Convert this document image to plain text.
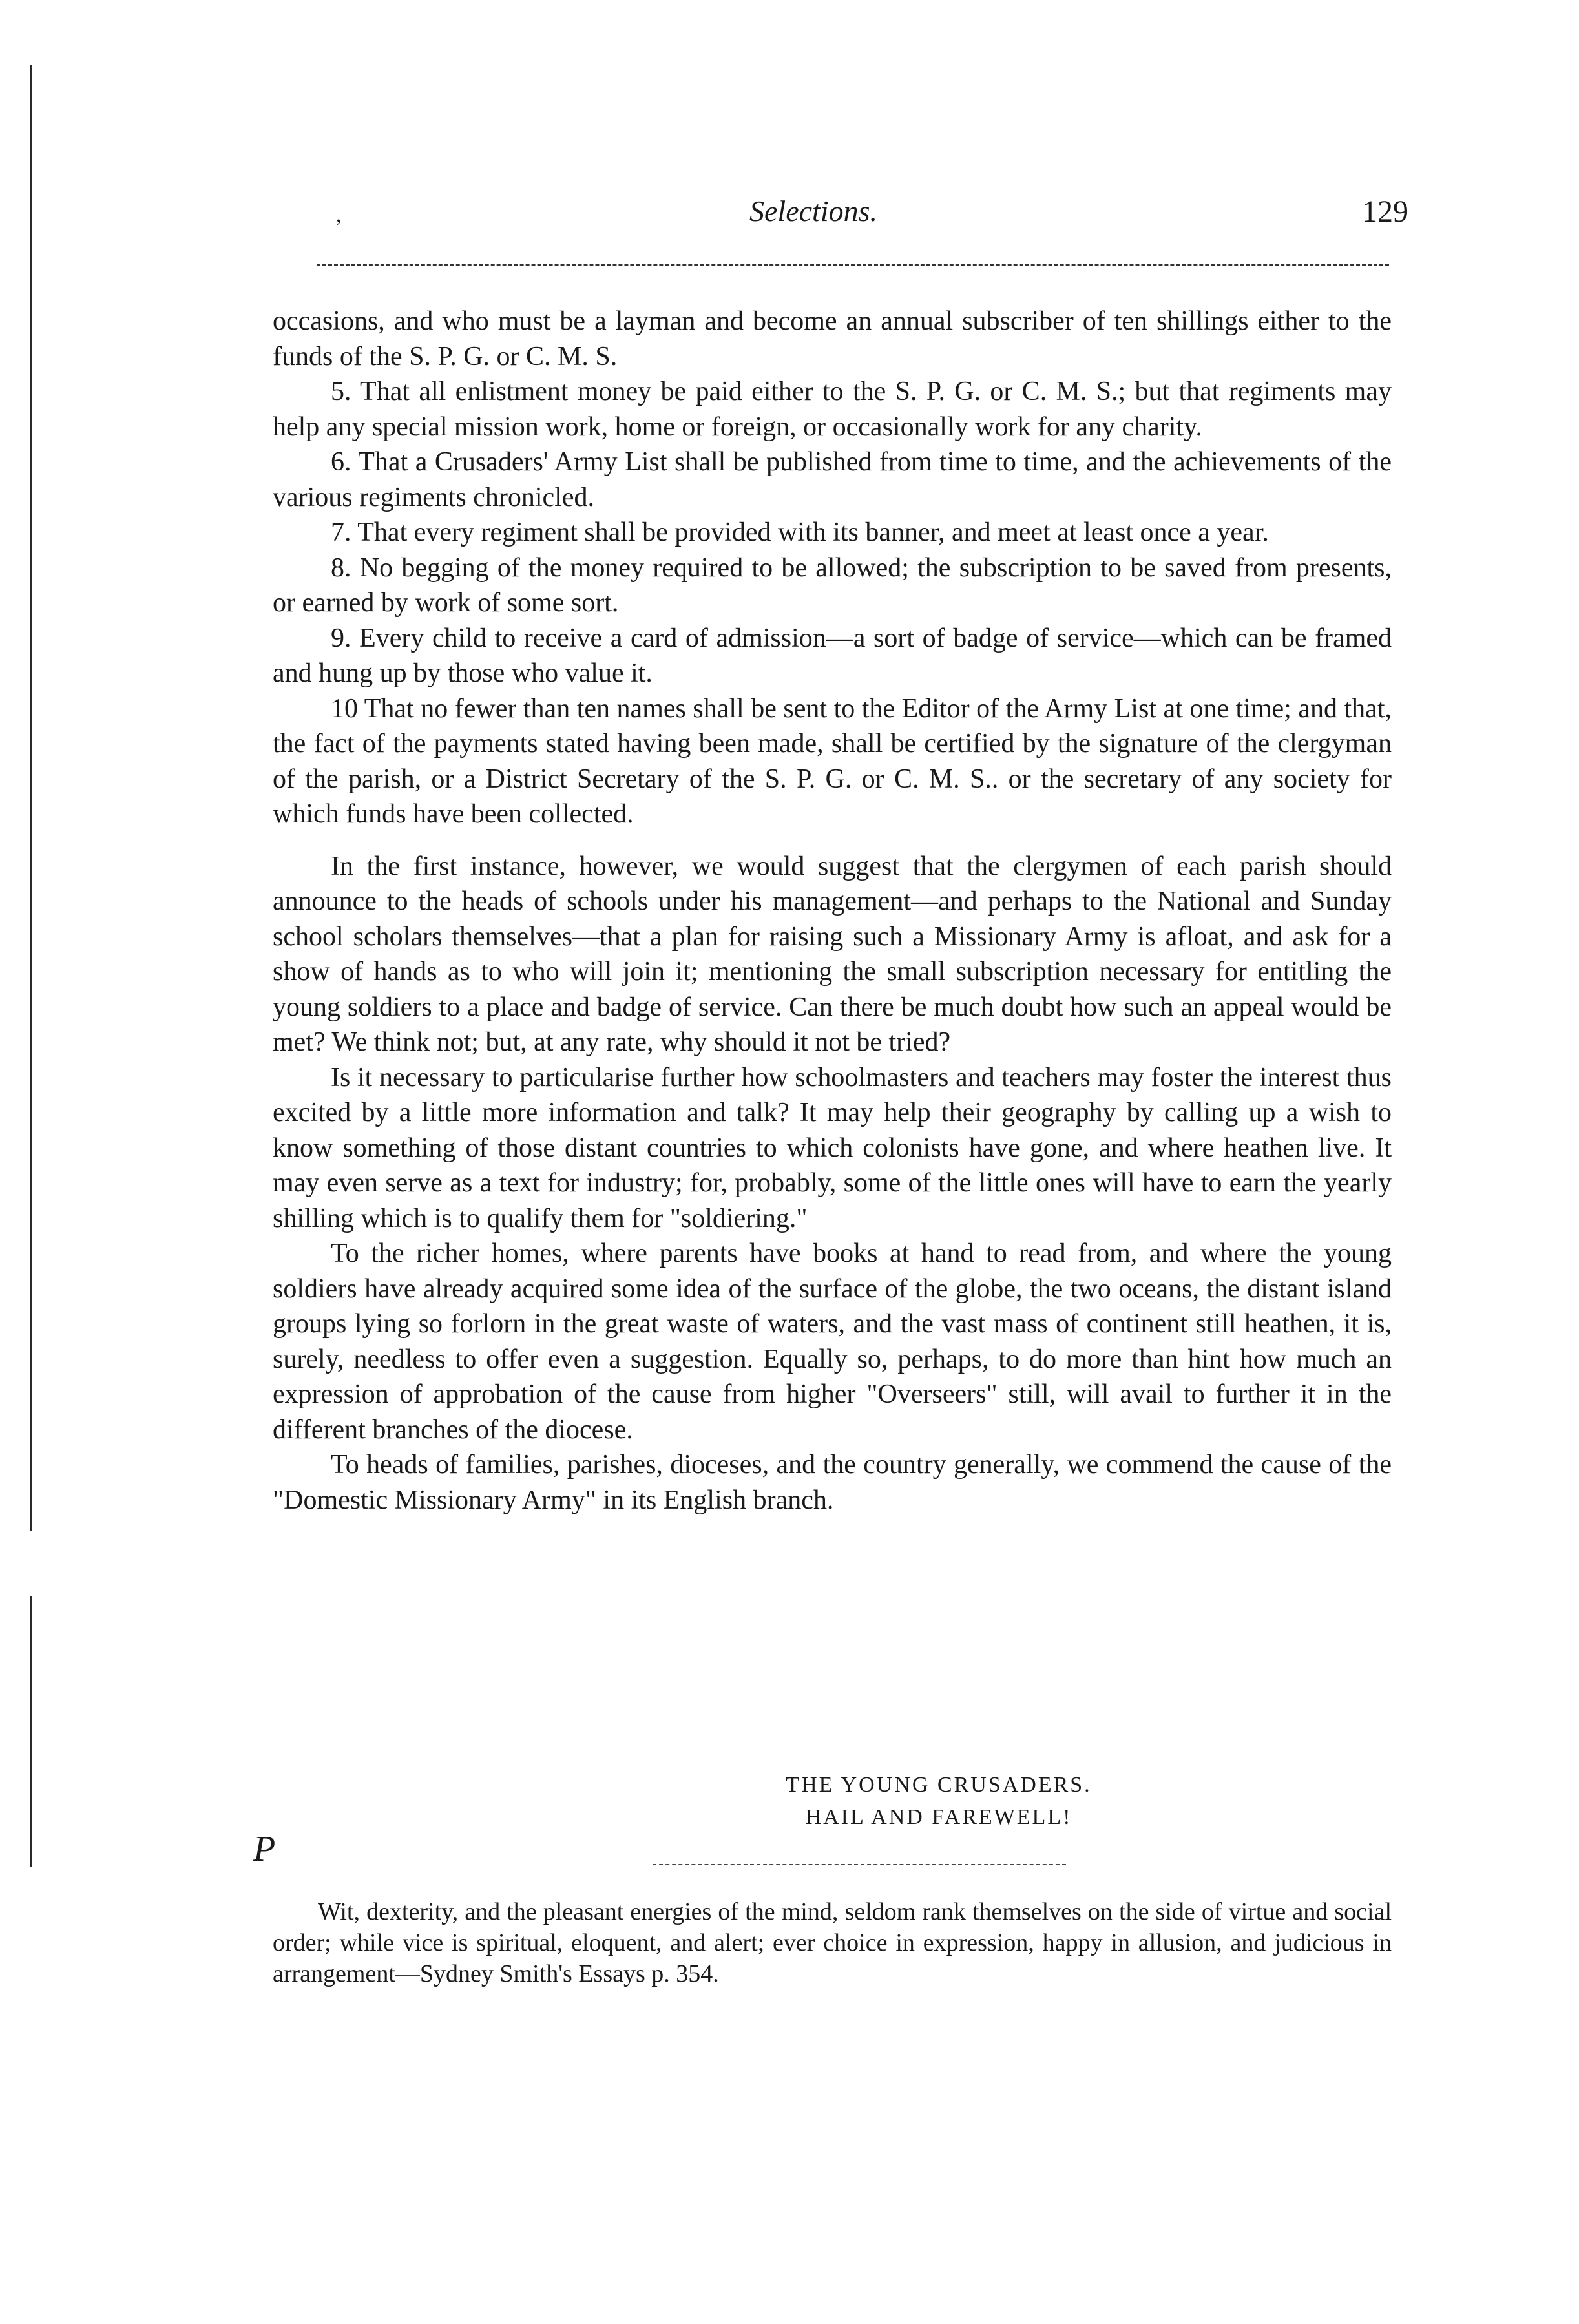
,	Selections.	129

occasions, and who must be a layman and become an annual subscriber of ten shillings either to the funds of the S. P. G. or C. M. S.

5. That all enlistment money be paid either to the S. P. G. or C. M. S.; but that regiments may help any special mission work, home or foreign, or occasionally work for any charity.

6. That a Crusaders' Army List shall be published from time to time, and the achievements of the various regiments chronicled.

7. That every regiment shall be provided with its banner, and meet at least once a year.

8. No begging of the money required to be allowed; the subscription to be saved from presents, or earned by work of some sort.

9. Every child to receive a card of admission—a sort of badge of service—which can be framed and hung up by those who value it.

10 That no fewer than ten names shall be sent to the Editor of the Army List at one time; and that, the fact of the payments stated having been made, shall be certified by the signature of the clergyman of the parish, or a District Secretary of the S. P. G. or C. M. S.. or the secretary of any society for which funds have been collected.

In the first instance, however, we would suggest that the clergymen of each parish should announce to the heads of schools under his management—and perhaps to the National and Sunday school scholars themselves—that a plan for raising such a Missionary Army is afloat, and ask for a show of hands as to who will join it; mentioning the small subscription necessary for entitling the young soldiers to a place and badge of service. Can there be much doubt how such an appeal would be met? We think not; but, at any rate, why should it not be tried?

Is it necessary to particularise further how schoolmasters and teachers may foster the interest thus excited by a little more information and talk? It may help their geography by calling up a wish to know something of those distant countries to which colonists have gone, and where heathen live. It may even serve as a text for industry; for, probably, some of the little ones will have to earn the yearly shilling which is to qualify them for "soldiering."

To the richer homes, where parents have books at hand to read from, and where the young soldiers have already acquired some idea of the surface of the globe, the two oceans, the distant island groups lying so forlorn in the great waste of waters, and the vast mass of continent still heathen, it is, surely, needless to offer even a suggestion. Equally so, perhaps, to do more than hint how much an expression of approbation of the cause from higher "Overseers" still, will avail to further it in the different branches of the diocese.

To heads of families, parishes, dioceses, and the country generally, we commend the cause of the "Domestic Missionary Army" in its English branch.

THE YOUNG CRUSADERS.
HAIL AND FAREWELL!
P

Wit, dexterity, and the pleasant energies of the mind, seldom rank themselves on the side of virtue and social order; while vice is spiritual, eloquent, and alert; ever choice in expression, happy in allusion, and judicious in arrangement—Sydney Smith's Essays p. 354.
